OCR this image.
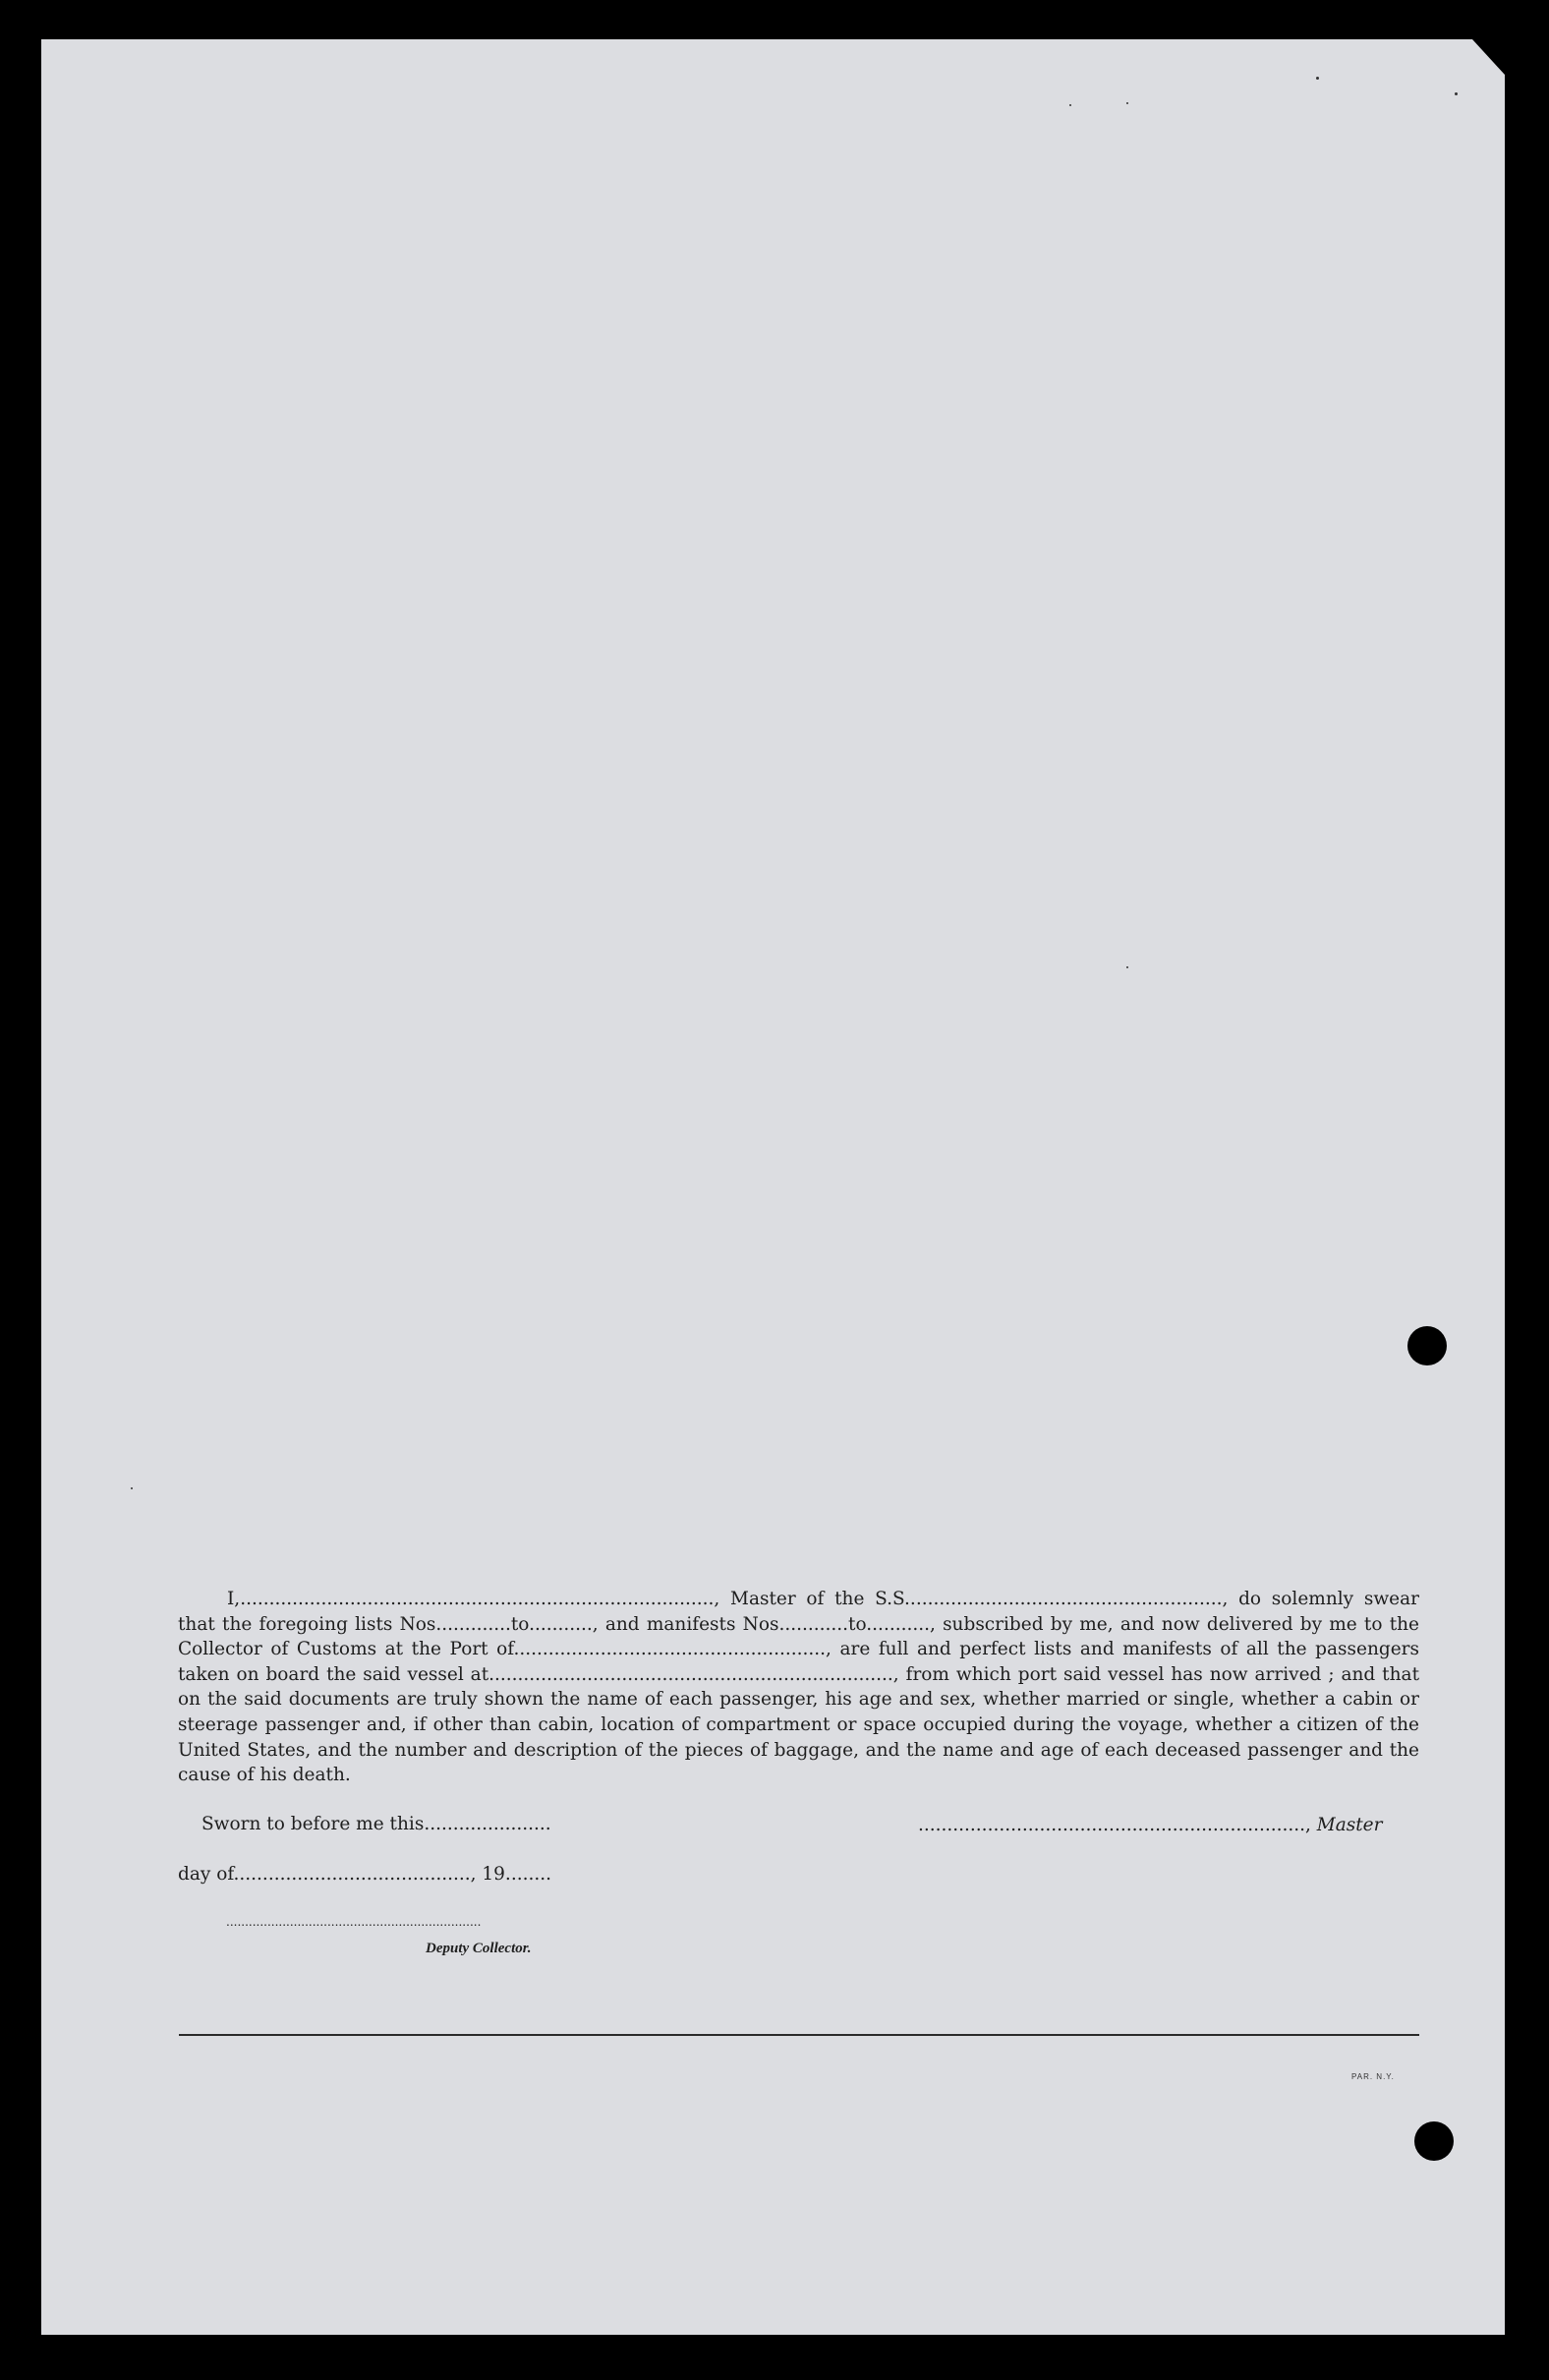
I,.................................................................................., Master of the S.S......................................................., do solemnly swear that the foregoing lists Nos.............to..........., and manifests Nos............to..........., subscribed by me, and now delivered by me to the Collector of Customs at the Port of......................................................, are full and perfect lists and manifests of all the passengers taken on board the said vessel at......................................................................, from which port said vessel has now arrived ; and that on the said documents are truly shown the name of each passenger, his age and sex, whether married or single, whether a cabin or steerage passenger and, if other than cabin, location of compartment or space occupied during the voyage, whether a citizen of the United States, and the number and description of the pieces of baggage, and the name and age of each deceased passenger and the cause of his death.

Sworn to before me this......................	..................................................................., Master
day of........................................., 19........
....................................................................
Deputy Collector.
PAR. N.Y.
